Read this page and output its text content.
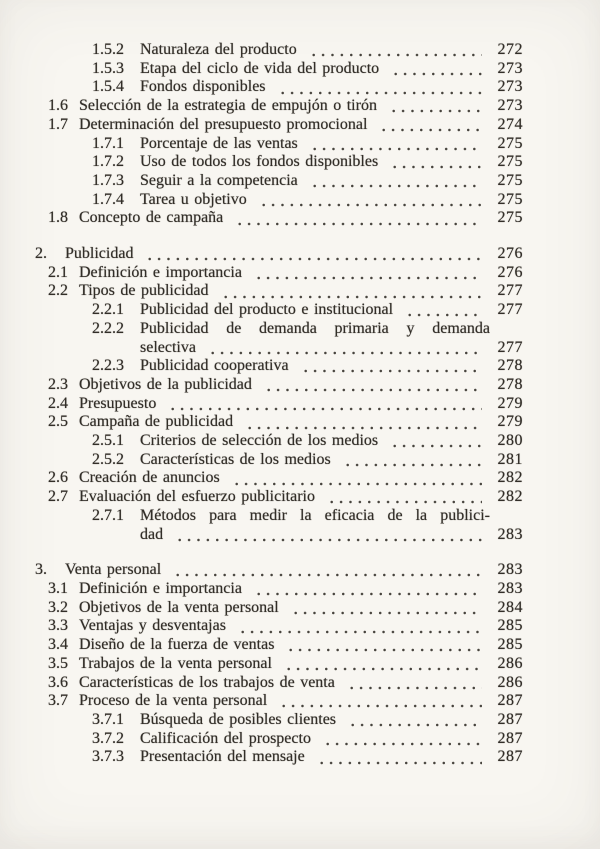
1.5.2	Naturaleza del producto	272
1.5.3	Etapa del ciclo de vida del producto	273
1.5.4	Fondos disponibles	273
1.6 Selección de la estrategia de empujón o tirón	273
1.7 Determinación del presupuesto promocional	274
1.7.1	Porcentaje de las ventas	275
1.7.2	Uso de todos los fondos disponibles	275
1.7.3	Seguir a la competencia	275
1.7.4	Tarea u objetivo	275
1.8 Concepto de campaña	275
2.	Publicidad	276
2.1 Definición e importancia	276
2.2 Tipos de publicidad	277
2.2.1	Publicidad del producto e institucional	277
2.2.2	Publicidad de demanda primaria y demanda
selectiva	277
2.2.3	Publicidad cooperativa	278
2.3 Objetivos de la publicidad	278
2.4 Presupuesto	279
2.5 Campaña de publicidad	279
2.5.1	Criterios de selección de los medios	280
2.5.2	Características de los medios	281
2.6 Creación de anuncios	282
2.7 Evaluación del esfuerzo publicitario	282
2.7.1	Métodos para medir la eficacia de la publici-
dad	283
3.	Venta personal	283
3.1 Definición e importancia	283
3.2 Objetivos de la venta personal	284
3.3 Ventajas y desventajas	285
3.4 Diseño de la fuerza de ventas	285
3.5 Trabajos de la venta personal	286
3.6 Características de los trabajos de venta	286
3.7 Proceso de la venta personal	287
3.7.1	Búsqueda de posibles clientes	287
3.7.2	Calificación del prospecto	287
3.7.3	Presentación del mensaje	287
